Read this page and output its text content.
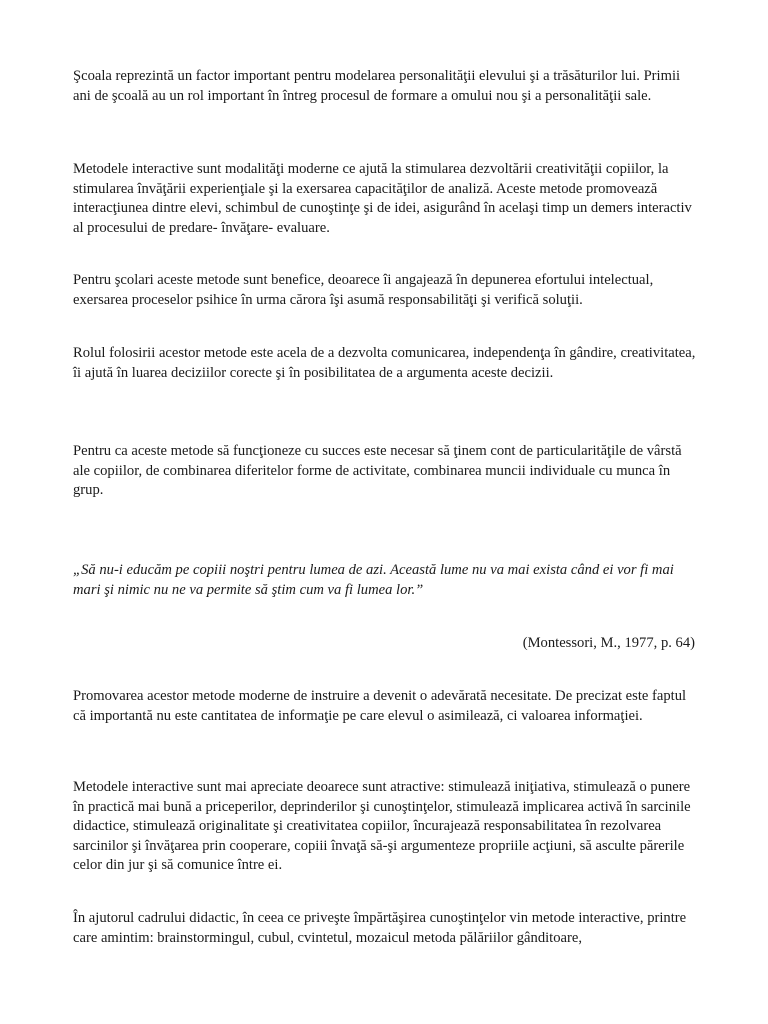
Şcoala reprezintă un factor important pentru modelarea personalităţii elevului şi a trăsăturilor lui. Primii ani de şcoală au un rol important în întreg procesul de formare a omului nou şi a personalităţii sale.

Metodele interactive sunt modalităţi moderne ce ajută la stimularea dezvoltării creativităţii copiilor, la stimularea învăţării experienţiale şi la exersarea capacităţilor de analiză. Aceste metode promovează interacţiunea dintre elevi, schimbul de cunoştinţe şi de idei, asigurând în acelaşi timp un demers interactiv al procesului de predare- învăţare- evaluare.

Pentru şcolari aceste metode sunt benefice, deoarece îi angajează în depunerea efortului intelectual, exersarea proceselor psihice în urma cărora îşi asumă responsabilităţi şi verifică soluţii.

Rolul folosirii acestor metode este acela de a dezvolta comunicarea, independenţa în gândire, creativitatea, îi ajută în luarea deciziilor corecte şi în posibilitatea de a argumenta aceste decizii.

Pentru ca aceste metode să funcţioneze cu succes este necesar să ţinem cont de particularităţile de vârstă ale copiilor, de combinarea diferitelor forme de activitate, combinarea muncii individuale cu munca în grup.

„Să nu-i educăm pe copiii noştri pentru lumea de azi. Această lume nu va mai exista când ei vor fi mai mari şi nimic nu ne va permite să ştim cum va fi lumea lor.”

(Montessori, M., 1977, p. 64)

Promovarea acestor metode moderne de instruire a devenit o adevărată necesitate. De precizat este faptul că importantă nu este cantitatea de informaţie pe care elevul o asimilează, ci valoarea informaţiei.

Metodele interactive sunt mai apreciate deoarece sunt atractive: stimulează iniţiativa, stimulează o punere în practică mai bună a priceperilor, deprinderilor şi cunoştinţelor, stimulează implicarea activă în sarcinile didactice, stimulează originalitate şi creativitatea copiilor, încurajează responsabilitatea în rezolvarea sarcinilor şi învăţarea prin cooperare, copiii învaţă să-şi argumenteze propriile acţiuni, să asculte părerile celor din jur şi să comunice între ei.

În ajutorul cadrului didactic, în ceea ce priveşte împărtăşirea cunoştinţelor vin metode interactive, printre care amintim: brainstormingul, cubul, cvintetul, mozaicul metoda pălăriilor gânditoare,
